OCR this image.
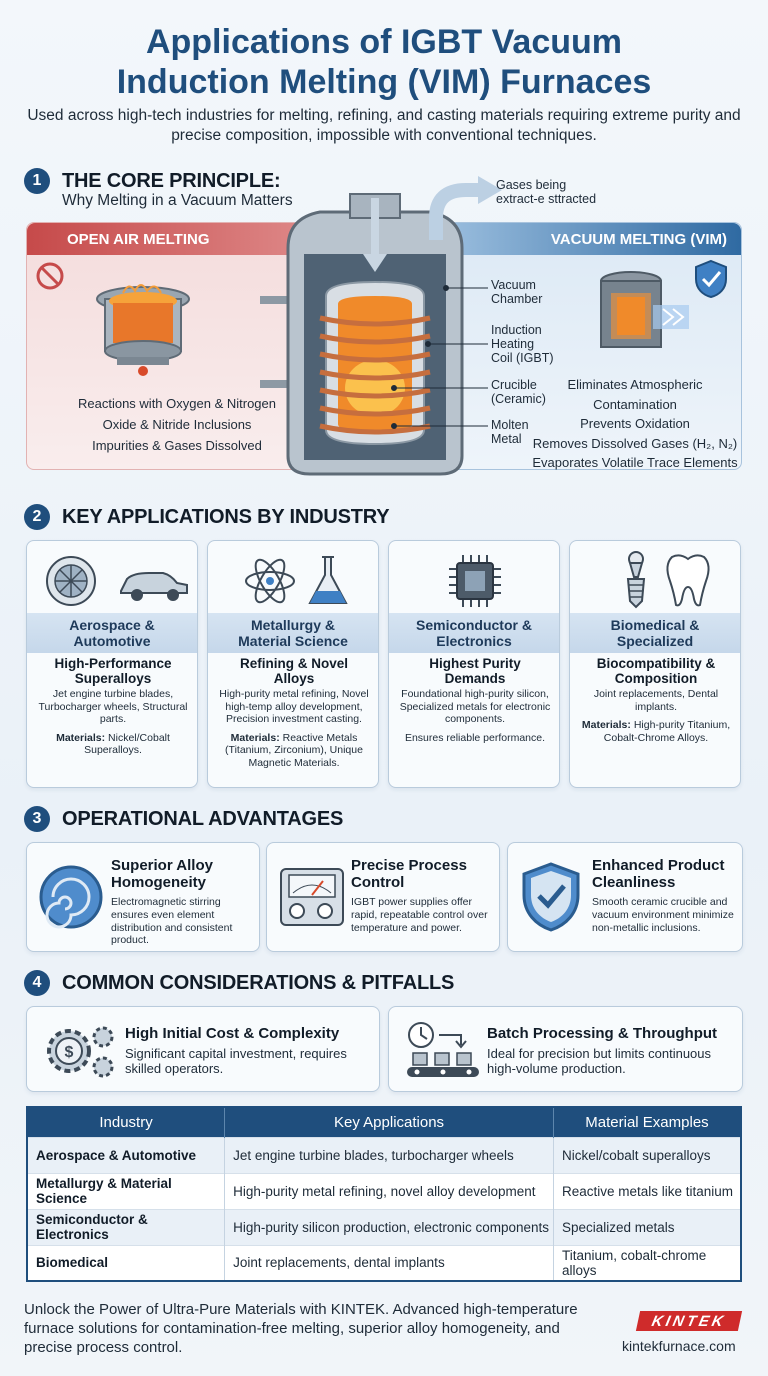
Applications of IGBT Vacuum
Induction Melting (VIM) Furnaces
Used across high-tech industries for melting, refining, and casting materials requiring extreme purity and precise composition, impossible with conventional techniques.
1	THE CORE PRINCIPLE:
Why Melting in a Vacuum Matters
OPEN AIR MELTING
Reactions with Oxygen & Nitrogen
Oxide & Nitride Inclusions
Impurities & Gases Dissolved
VACUUM MELTING (VIM)
Eliminates Atmospheric
Contamination
Prevents Oxidation
Removes Dissolved Gases (H₂, N₂)
Evaporates Volatile Trace Elements
Gases being
extract-e sttracted
Vacuum
Chamber
Induction
Heating
Coil (IGBT)
Crucible
(Ceramic)
Molten
Metal
2	KEY APPLICATIONS BY INDUSTRY
Aerospace &
Automotive
High-Performance
Superalloys
Jet engine turbine blades, Turbocharger wheels, Structural parts.
Materials: Nickel/Cobalt Superalloys.
Metallurgy &
Material Science
Refining & Novel
Alloys
High-purity metal refining, Novel high-temp alloy development, Precision investment casting.
Materials: Reactive Metals (Titanium, Zirconium), Unique Magnetic Materials.
Semiconductor &
Electronics
Highest Purity
Demands
Foundational high-purity silicon, Specialized metals for electronic components.
Ensures reliable performance.
Biomedical &
Specialized
Biocompatibility &
Composition
Joint replacements, Dental implants.
Materials: High-purity Titanium, Cobalt-Chrome Alloys.
3	OPERATIONAL ADVANTAGES
Superior Alloy Homogeneity
Electromagnetic stirring ensures even element distribution and consistent product.
Precise Process Control
IGBT power supplies offer rapid, repeatable control over temperature and power.
Enhanced Product Cleanliness
Smooth ceramic crucible and vacuum environment minimize non-metallic inclusions.
4	COMMON CONSIDERATIONS & PITFALLS
$
High Initial Cost & Complexity
Significant capital investment, requires skilled operators.
Batch Processing & Throughput
Ideal for precision but limits continuous high-volume production.
Industry	Key Applications	Material Examples
Aerospace & Automotive	Jet engine turbine blades, turbocharger wheels	Nickel/cobalt superalloys
Metallurgy & Material Science	High-purity metal refining, novel alloy development	Reactive metals like titanium
Semiconductor & Electronics	High-purity silicon production, electronic components	Specialized metals
Biomedical	Joint replacements, dental implants	Titanium, cobalt-chrome alloys
Unlock the Power of Ultra-Pure Materials with KINTEK. Advanced high-temperature furnace solutions for contamination-free melting, superior alloy homogeneity, and precise process control.
KINTEK
kintekfurnace.com
